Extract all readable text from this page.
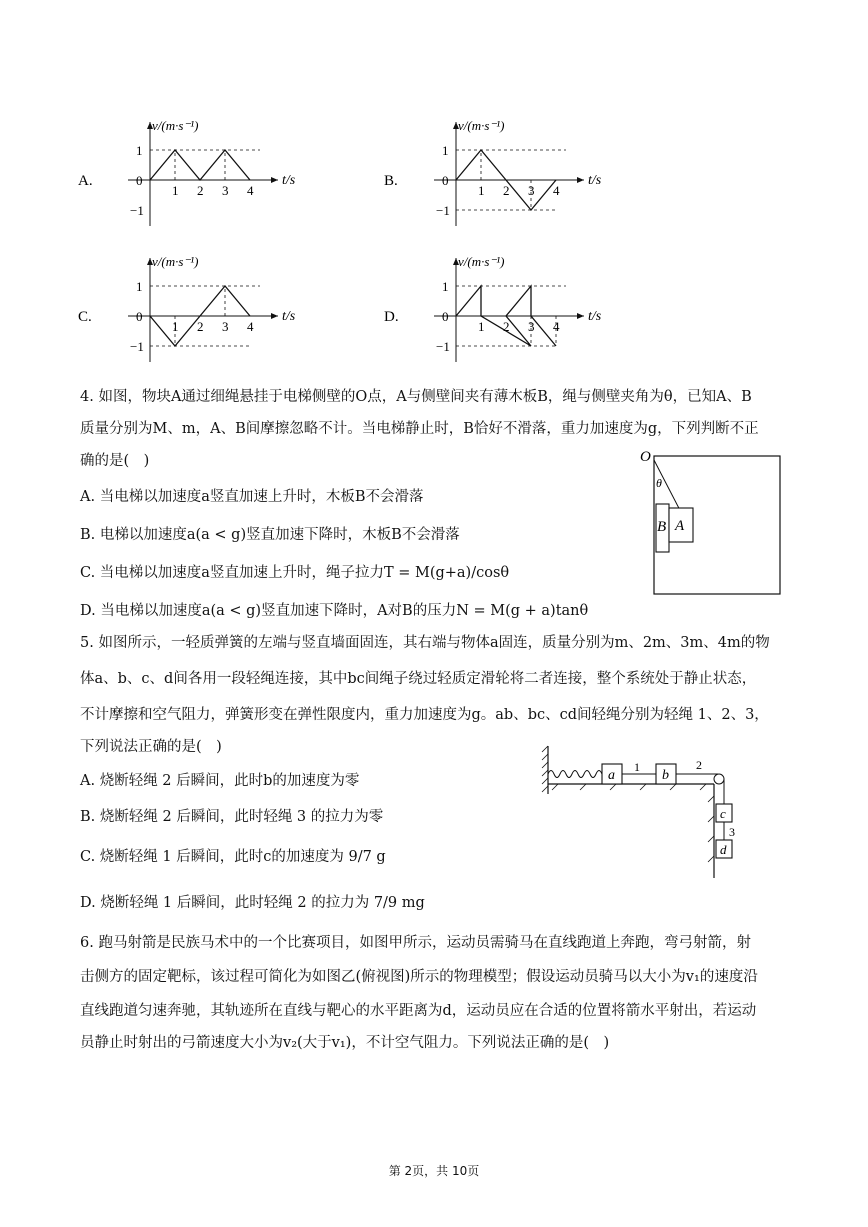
A.
v/(m·s⁻¹)
t/s
1
−1
0
1 2 3 4
B.
v/(m·s⁻¹)
t/s
1
−1
0
1 2 3 4
C.
v/(m·s⁻¹)
t/s
1
−1
0
1 2 3 4
D.
v/(m·s⁻¹)
t/s
1
−1
0
1 2 3 4
4. 如图，物块A通过细绳悬挂于电梯侧壁的O点，A与侧壁间夹有薄木板B，绳与侧壁夹角为θ，已知A、B
质量分别为M、m，A、B间摩擦忽略不计。当电梯静止时，B恰好不滑落，重力加速度为g，下列判断不正
确的是(　)
A. 当电梯以加速度a竖直加速上升时，木板B不会滑落
B. 电梯以加速度a(a < g)竖直加速下降时，木板B不会滑落
C. 当电梯以加速度a竖直加速上升时，绳子拉力T = M(g+a)/cosθ
D. 当电梯以加速度a(a < g)竖直加速下降时，A对B的压力N = M(g + a)tanθ
O
θ
B A
5. 如图所示，一轻质弹簧的左端与竖直墙面固连，其右端与物体a固连，质量分别为m、2m、3m、4m的物
体a、b、c、d间各用一段轻绳连接，其中bc间绳子绕过轻质定滑轮将二者连接，整个系统处于静止状态，
不计摩擦和空气阻力，弹簧形变在弹性限度内，重力加速度为g。ab、bc、cd间轻绳分别为轻绳 1、2、3，
下列说法正确的是(　)
A. 烧断轻绳 2 后瞬间，此时b的加速度为零
B. 烧断轻绳 2 后瞬间，此时轻绳 3 的拉力为零
C. 烧断轻绳 1 后瞬间，此时c的加速度为 9/7 g
D. 烧断轻绳 1 后瞬间，此时轻绳 2 的拉力为 7/9 mg
a
1
b
2
c
3
d
6. 跑马射箭是民族马术中的一个比赛项目，如图甲所示，运动员需骑马在直线跑道上奔跑，弯弓射箭，射
击侧方的固定靶标，该过程可简化为如图乙(俯视图)所示的物理模型；假设运动员骑马以大小为v₁的速度沿
直线跑道匀速奔驰，其轨迹所在直线与靶心的水平距离为d，运动员应在合适的位置将箭水平射出，若运动
员静止时射出的弓箭速度大小为v₂(大于v₁)，不计空气阻力。下列说法正确的是(　)
第 2页，共 10页
